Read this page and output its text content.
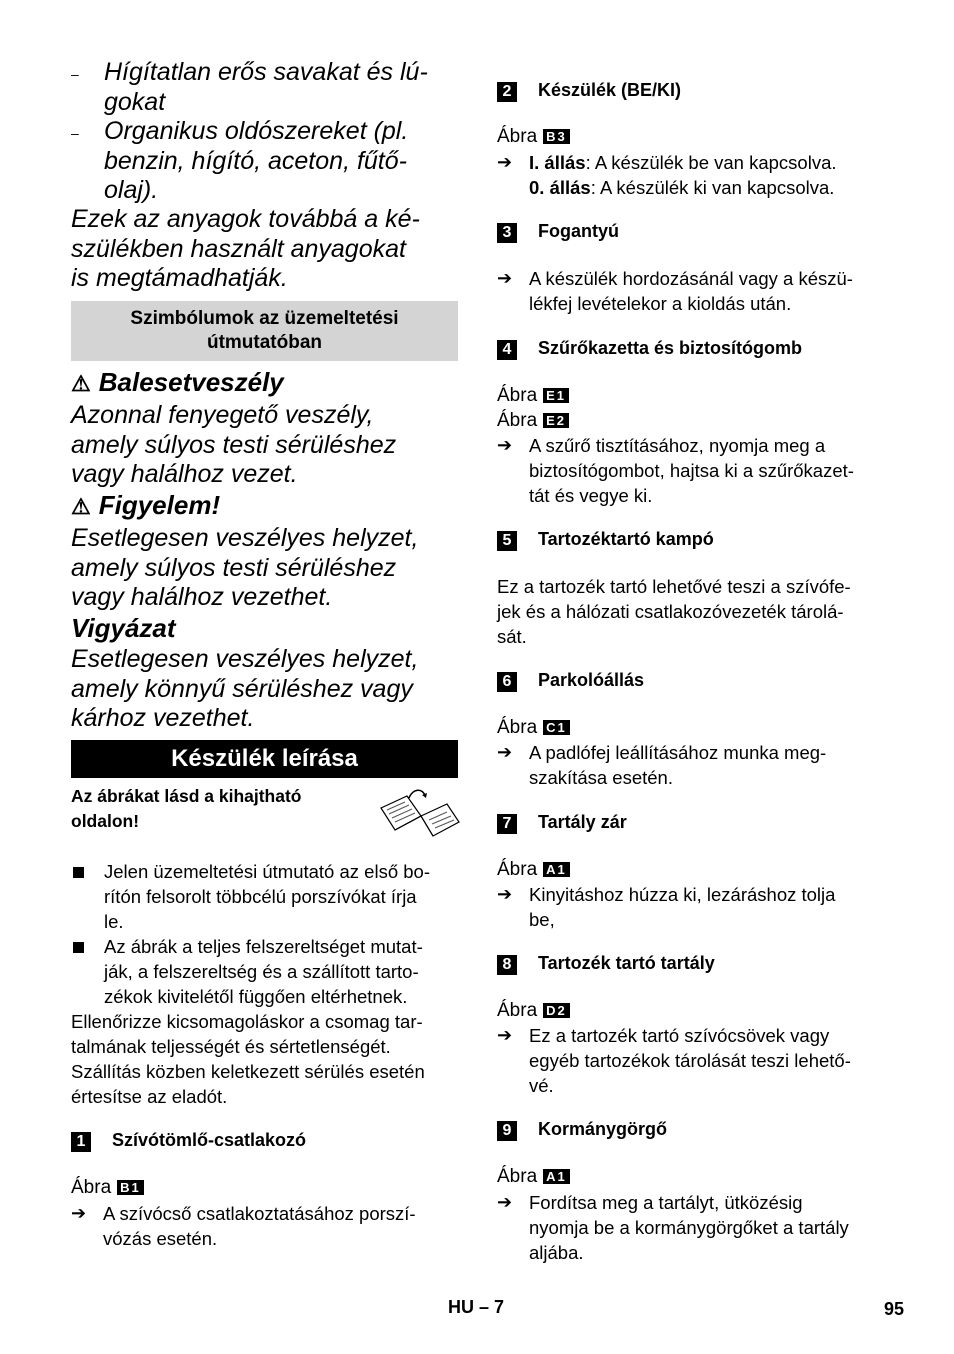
– Hígítatlan erős savakat és lú-
gokat
– Organikus oldószereket (pl.
benzin, hígító, aceton, fűtő-
olaj).
Ezek az anyagok továbbá a ké-
szülékben használt anyagokat
is megtámadhatják.
Szimbólumok az üzemeltetési
útmutatóban
⚠ Balesetveszély
Azonnal fenyegető veszély,
amely súlyos testi sérüléshez
vagy halálhoz vezet.
⚠ Figyelem!
Esetlegesen veszélyes helyzet,
amely súlyos testi sérüléshez
vagy halálhoz vezethet.
Vigyázat
Esetlegesen veszélyes helyzet,
amely könnyű sérüléshez vagy
kárhoz vezethet.
Készülék leírása
Az ábrákat lásd a kihajtható
oldalon!
Jelen üzemeltetési útmutató az első bo-
rítón felsorolt többcélú porszívókat írja
le.
Az ábrák a teljes felszereltséget mutat-
ják, a felszereltség és a szállított tarto-
zékok kivitelétől függően eltérhetnek.
Ellenőrizze kicsomagoláskor a csomag tar-
talmának teljességét és sértetlenségét.
Szállítás közben keletkezett sérülés esetén
értesítse az eladót.
1	Szívótömlő-csatlakozó
Ábra B1
➔ A szívócső csatlakoztatásához porszí-
vózás esetén.
2	Készülék (BE/KI)
Ábra B3
➔ I. állás: A készülék be van kapcsolva.
0. állás: A készülék ki van kapcsolva.
3	Fogantyú
➔ A készülék hordozásánál vagy a készü-
lékfej levételekor a kioldás után.
4	Szűrőkazetta és biztosítógomb
Ábra E1
Ábra E2
➔ A szűrő tisztításához, nyomja meg a
biztosítógombot, hajtsa ki a szűrőkazet-
tát és vegye ki.
5	Tartozéktartó kampó
Ez a tartozék tartó lehetővé teszi a szívófe-
jek és a hálózati csatlakozóvezeték tárolá-
sát.
6	Parkolóállás
Ábra C1
➔ A padlófej leállításához munka meg-
szakítása esetén.
7	Tartály zár
Ábra A1
➔ Kinyitáshoz húzza ki, lezáráshoz tolja
be,
8	Tartozék tartó tartály
Ábra D2
➔ Ez a tartozék tartó szívócsövek vagy
egyéb tartozékok tárolását teszi lehető-
vé.
9	Kormánygörgő
Ábra A1
➔ Fordítsa meg a tartályt, ütközésig
nyomja be a kormánygörgőket a tartály
aljába.
HU – 7	95
